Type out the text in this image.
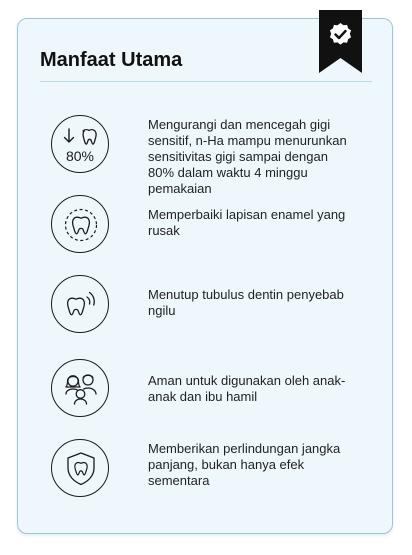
Manfaat Utama
80%

Mengurangi dan mencegah gigi sensitif, n-Ha mampu menurunkan sensitivitas gigi sampai dengan 80% dalam waktu 4 minggu pemakaian

Memperbaiki lapisan enamel yang rusak

Menutup tubulus dentin penyebab ngilu

Aman untuk digunakan oleh anak-anak dan ibu hamil

Memberikan perlindungan jangka panjang, bukan hanya efek sementara
